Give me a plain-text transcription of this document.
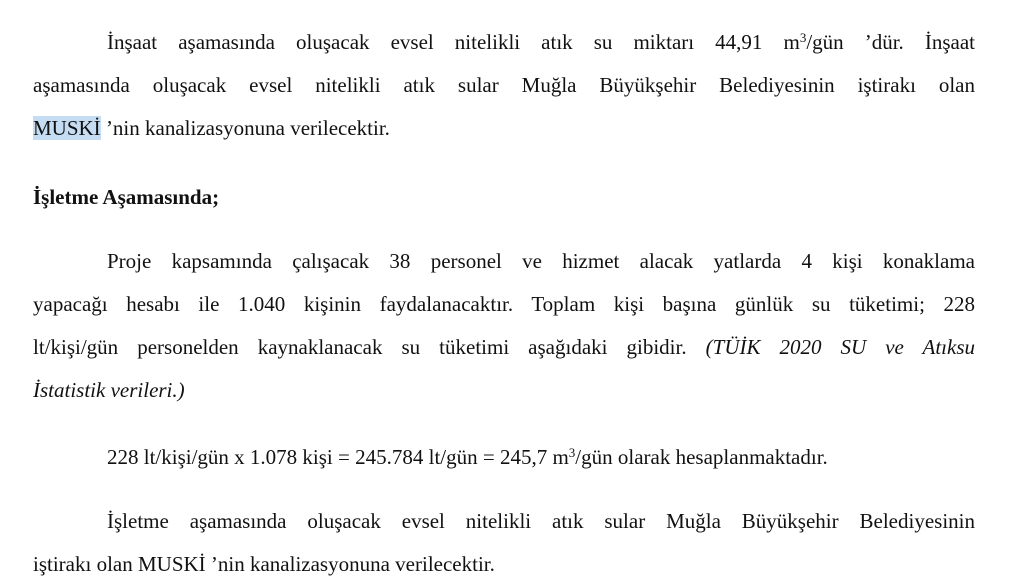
İnşaat aşamasında oluşacak evsel nitelikli atık su miktarı 44,91 $m^3$/gün ’dür. İnşaat
aşamasında oluşacak evsel nitelikli atık sular Muğla Büyükşehir Belediyesinin iştirakı olan
MUSKİ ’nin kanalizasyonuna verilecektir.
İşletme Aşamasında;
Proje kapsamında çalışacak 38 personel ve hizmet alacak yatlarda 4 kişi konaklama
yapacağı hesabı ile 1.040 kişinin faydalanacaktır. Toplam kişi başına günlük su tüketimi; 228
lt/kişi/gün personelden kaynaklanacak su tüketimi aşağıdaki gibidir. (TÜİK 2020 SU ve Atıksu
İstatistik verileri.)
228 lt/kişi/gün x 1.078 kişi = 245.784 lt/gün = 245,7 $m^3$/gün olarak hesaplanmaktadır.
İşletme aşamasında oluşacak evsel nitelikli atık sular Muğla Büyükşehir Belediyesinin
iştirakı olan MUSKİ ’nin kanalizasyonuna verilecektir.
